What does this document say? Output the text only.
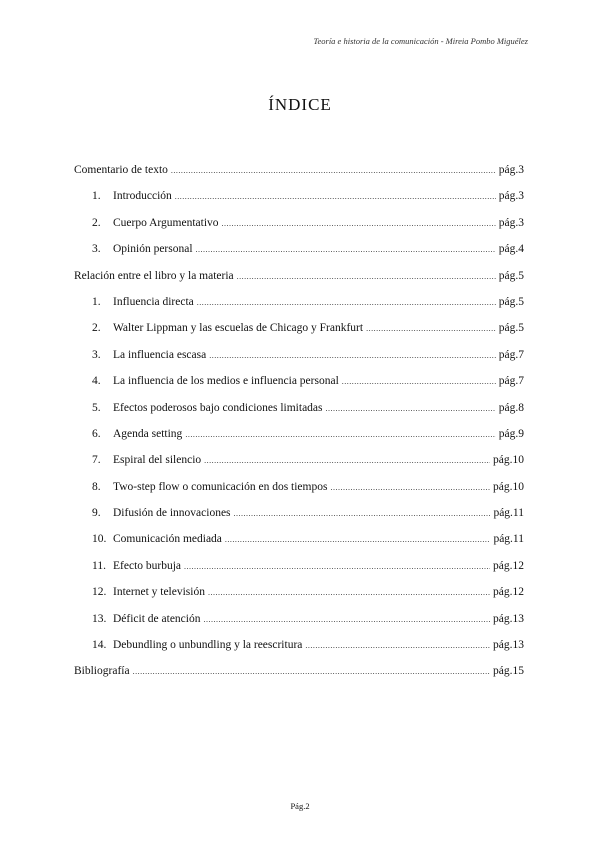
Teoría e historia de la comunicación - Mireia Pombo Miguélez
ÍNDICE
Comentario de texto .....	pág.3
1.	Introducción .....	pág.3
2.	Cuerpo Argumentativo .....	pág.3
3.	Opinión personal .....	pág.4
Relación entre el libro y la materia .....	pág.5
1.	Influencia directa .....	pág.5
2.	Walter Lippman y las escuelas de Chicago y Frankfurt .....	pág.5
3.	La influencia escasa .....	pág.7
4.	La influencia de los medios e influencia personal .....	pág.7
5.	Efectos poderosos bajo condiciones limitadas .....	pág.8
6.	Agenda setting .....	pág.9
7.	Espiral del silencio .....	pág.10
8.	Two-step flow o comunicación en dos tiempos .....	pág.10
9.	Difusión de innovaciones .....	pág.11
10. Comunicación mediada .....	pág.11
11. Efecto burbuja .....	pág.12
12. Internet y televisión .....	pág.12
13. Déficit de atención .....	pág.13
14. Debundling o unbundling y la reescritura .....	pág.13
Bibliografía .....	pág.15
Pág.2
